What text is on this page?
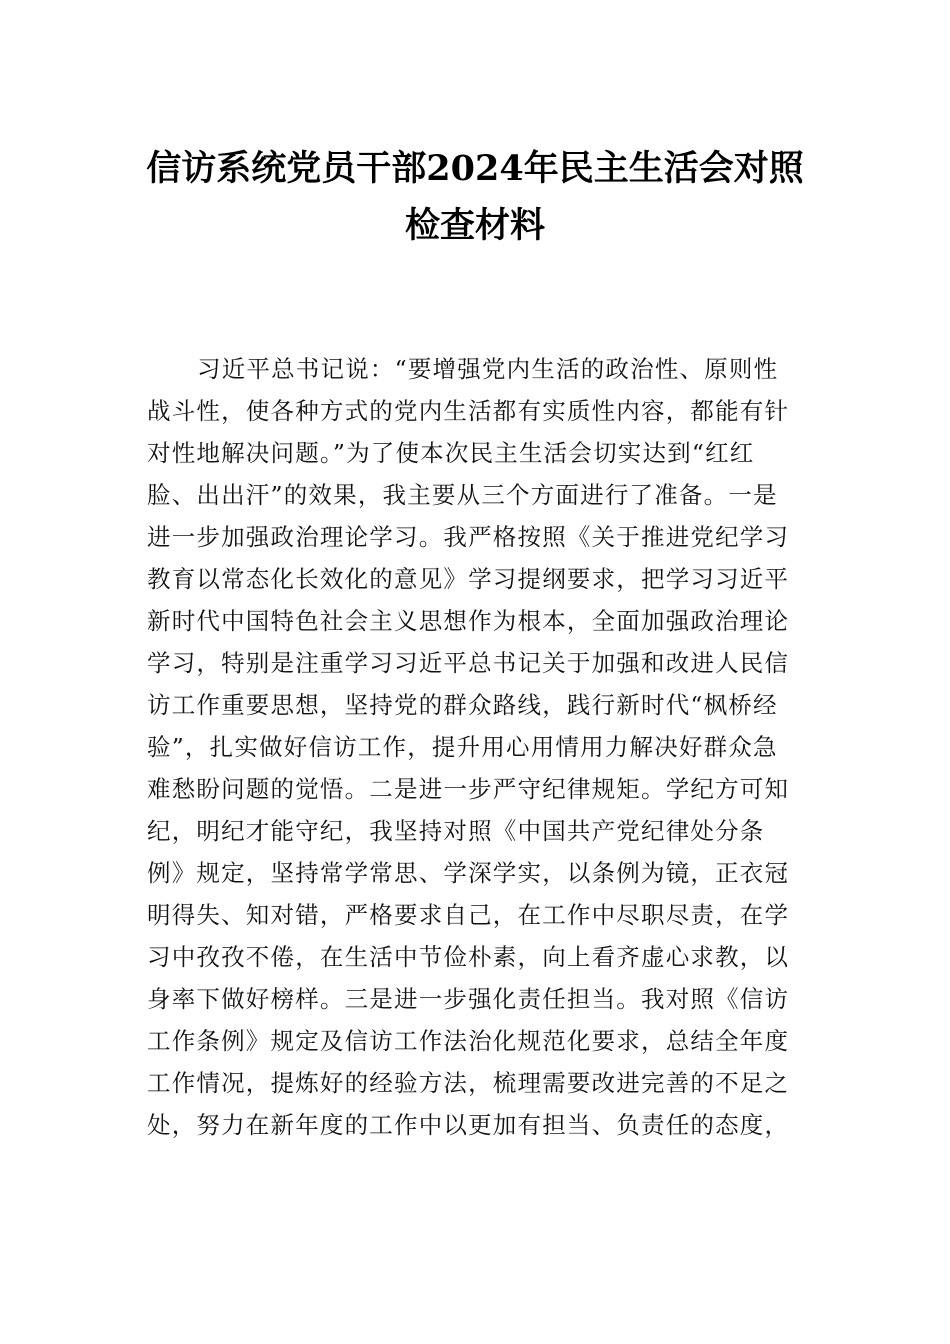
信访系统党员干部2024年民主生活会对照
检查材料
习近平总书记说：“要增强党内生活的政治性、原则性
战斗性，使各种方式的党内生活都有实质性内容，都能有针
对性地解决问题。”为了使本次民主生活会切实达到“红红
脸、出出汗”的效果，我主要从三个方面进行了准备。一是
进一步加强政治理论学习。我严格按照《关于推进党纪学习
教育以常态化长效化的意见》学习提纲要求，把学习习近平
新时代中国特色社会主义思想作为根本，全面加强政治理论
学习，特别是注重学习习近平总书记关于加强和改进人民信
访工作重要思想，坚持党的群众路线，践行新时代“枫桥经
验”，扎实做好信访工作，提升用心用情用力解决好群众急
难愁盼问题的觉悟。二是进一步严守纪律规矩。学纪方可知
纪，明纪才能守纪，我坚持对照《中国共产党纪律处分条
例》规定，坚持常学常思、学深学实，以条例为镜，正衣冠
明得失、知对错，严格要求自己，在工作中尽职尽责，在学
习中孜孜不倦，在生活中节俭朴素，向上看齐虚心求教，以
身率下做好榜样。三是进一步强化责任担当。我对照《信访
工作条例》规定及信访工作法治化规范化要求，总结全年度
工作情况，提炼好的经验方法，梳理需要改进完善的不足之
处，努力在新年度的工作中以更加有担当、负责任的态度，
